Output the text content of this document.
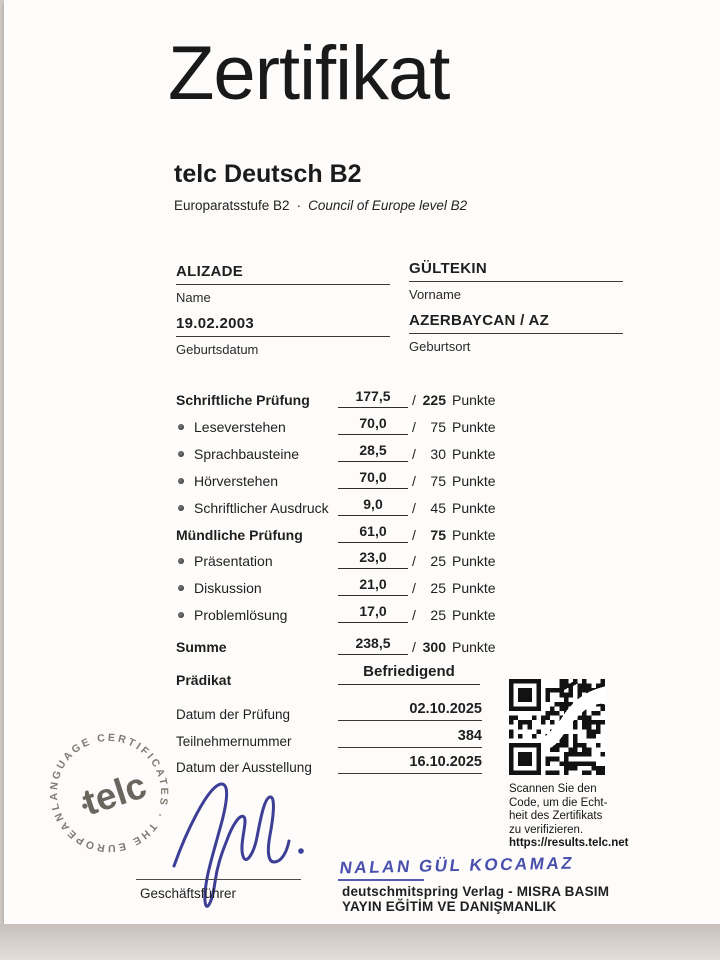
Zertifikat
telc Deutsch B2
Europaratsstufe B2 · Council of Europe level B2
ALIZADE
Name
GÜLTEKIN
Vorname
19.02.2003
Geburtsdatum
AZERBAYCAN / AZ
Geburtsort
Schriftliche Prüfung	177,5	/ 225 Punkte
Leseverstehen	70,0	/	75 Punkte
Sprachbausteine	28,5	/	30 Punkte
Hörverstehen	70,0	/	75 Punkte
Schriftlicher Ausdruck	9,0	/	45 Punkte
Mündliche Prüfung	61,0	/	75 Punkte
Präsentation	23,0	/	25 Punkte
Diskussion	21,0	/	25 Punkte
Problemlösung	17,0	/	25 Punkte
Summe	238,5	/ 300 Punkte
Prädikat	Befriedigend
Datum der Prüfung	02.10.2025
Teilnehmernummer	384
Datum der Ausstellung	16.10.2025
Scannen Sie den
Code, um die Echt-
heit des Zertifikats
zu verifizieren.
https://results.telc.net
LANGUAGE CERTIFICATES · THE EUROPEAN telc
Geschäftsführer
NALAN GÜL KOCAMAZ
deutschmitspring Verlag - MISRA BASIM
YAYIN EĞİTİM VE DANIŞMANLIK
